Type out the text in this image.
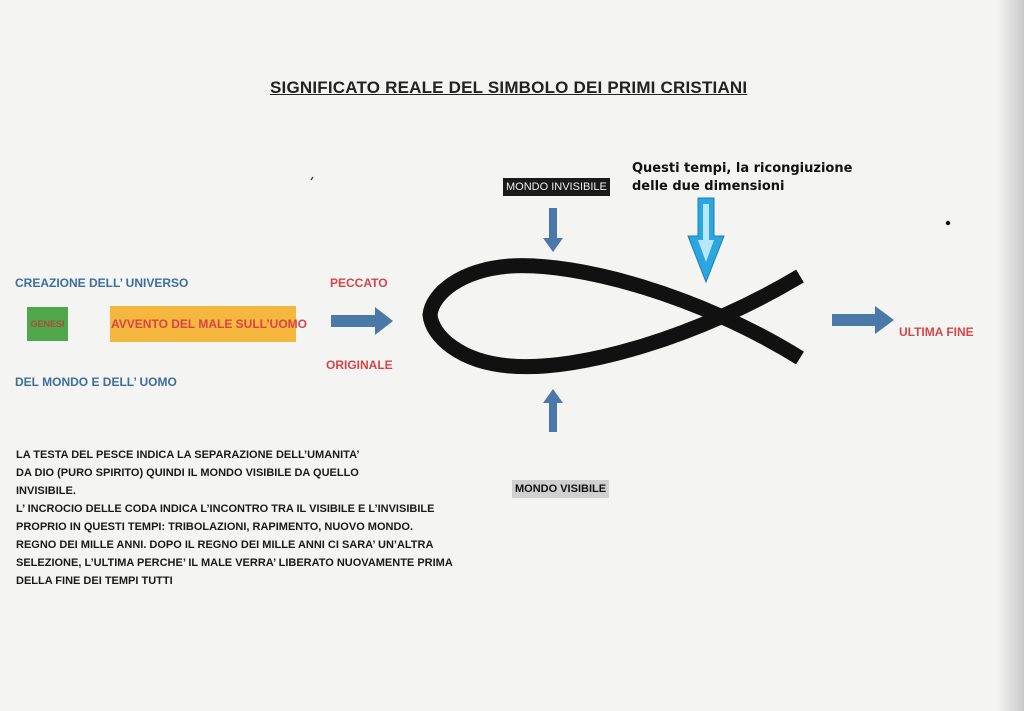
SIGNIFICATO REALE DEL SIMBOLO DEI PRIMI CRISTIANI
CREAZIONE DELL’ UNIVERSO
GENESI	AVVENTO DEL MALE SULL’UOMO
DEL MONDO E DELL’ UOMO
PECCATO
ORIGINALE
MONDO INVISIBILE
MONDO VISIBILE
Questi tempi, la ricongiuzione
delle due dimensioni
ULTIMA FINE
LA TESTA DEL PESCE INDICA LA SEPARAZIONE DELL’UMANITA’
DA DIO (PURO SPIRITO) QUINDI IL MONDO VISIBILE DA QUELLO
INVISIBILE.
L’ INCROCIO DELLE CODA INDICA L’INCONTRO TRA IL VISIBILE E L’INVISIBILE
PROPRIO IN QUESTI TEMPI: TRIBOLAZIONI, RAPIMENTO, NUOVO MONDO.
REGNO DEI MILLE ANNI. DOPO IL REGNO DEI MILLE ANNI CI SARA’ UN’ALTRA
SELEZIONE, L’ULTIMA PERCHE’ IL MALE VERRA’ LIBERATO NUOVAMENTE PRIMA
DELLA FINE DEI TEMPI TUTTI
